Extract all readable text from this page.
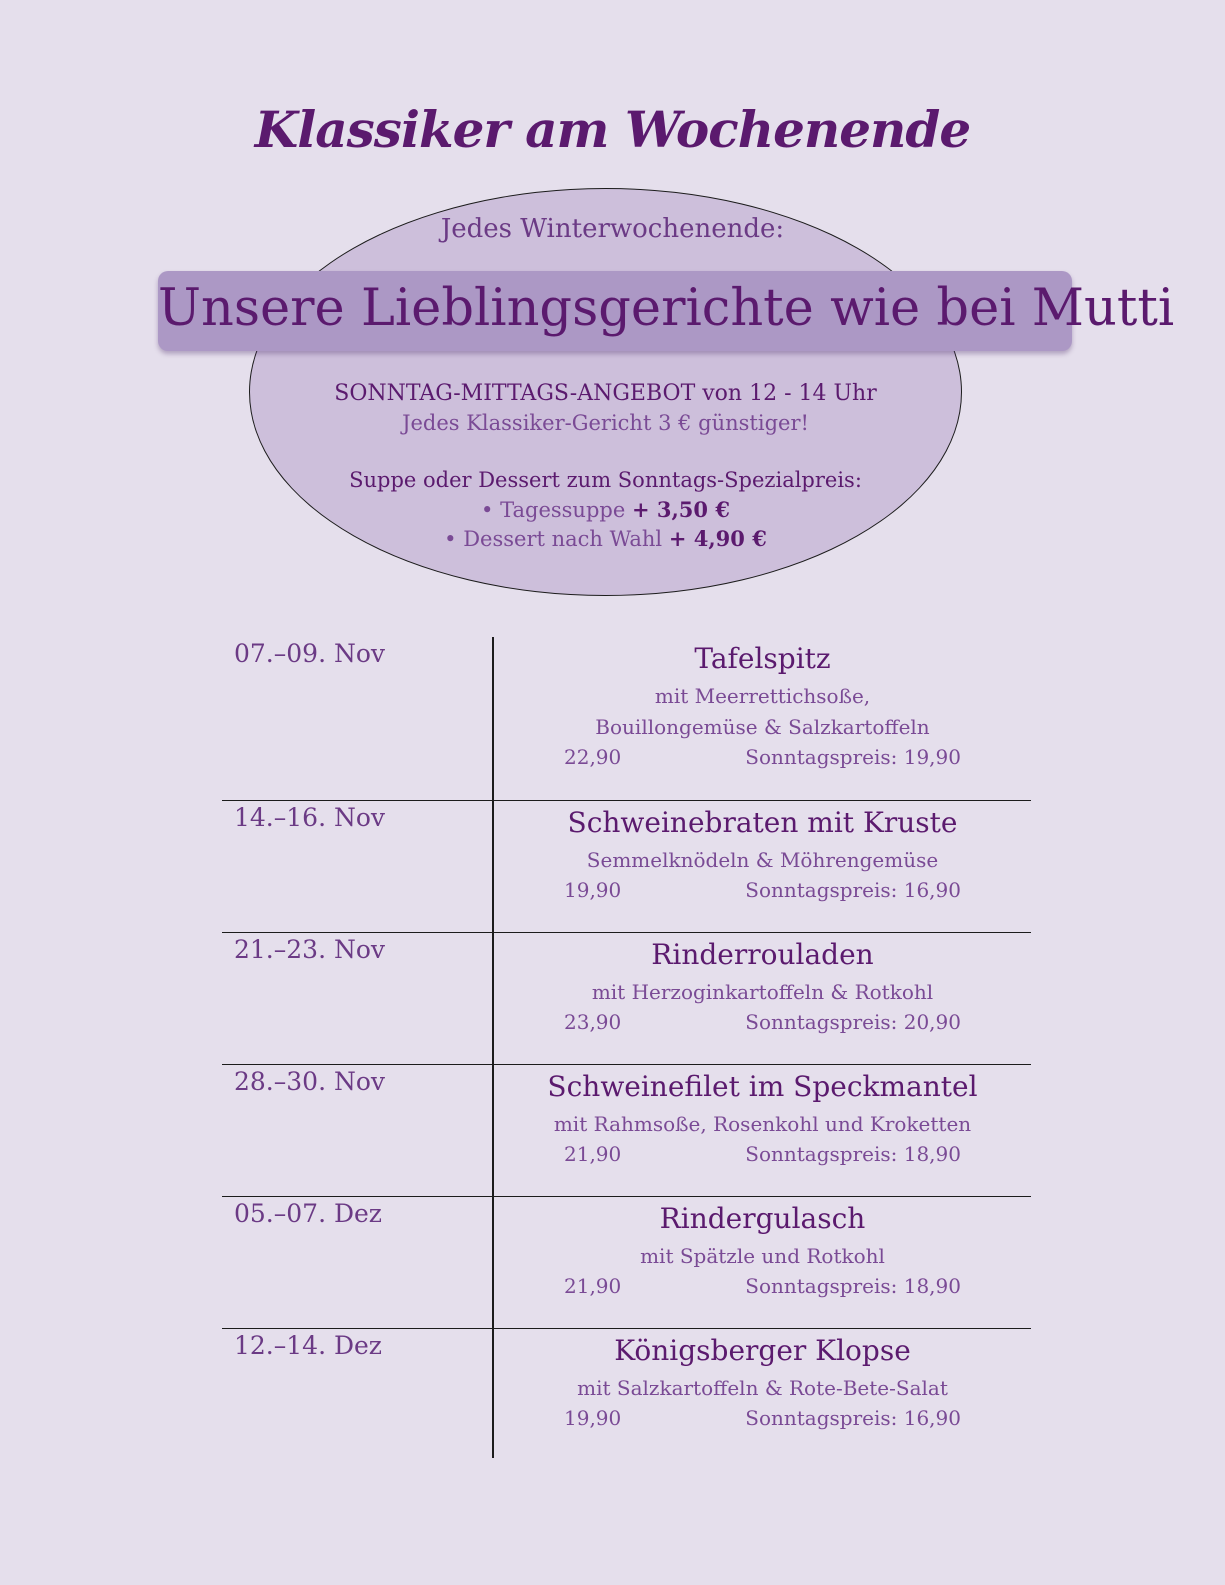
Klassiker am Wochenende
Jedes Winterwochenende:
Unsere Lieblingsgerichte wie bei Mutti
SONNTAG-MITTAGS-ANGEBOT von 12 - 14 Uhr
Jedes Klassiker-Gericht 3 € günstiger!
Suppe oder Dessert zum Sonntags-Spezialpreis:
• Tagessuppe + 3,50 €
• Dessert nach Wahl + 4,90 €
07.–09. Nov	Tafelspitz
mit Meerrettichsoße,
Bouillongemüse & Salzkartoffeln
22,90	Sonntagspreis: 19,90
14.–16. Nov	Schweinebraten mit Kruste
Semmelknödeln & Möhrengemüse
19,90	Sonntagspreis: 16,90
21.–23. Nov	Rinderrouladen
mit Herzoginkartoffeln & Rotkohl
23,90	Sonntagspreis: 20,90
28.–30. Nov	Schweinefilet im Speckmantel
mit Rahmsoße, Rosenkohl und Kroketten
21,90	Sonntagspreis: 18,90
05.–07. Dez	Rindergulasch
mit Spätzle und Rotkohl
21,90	Sonntagspreis: 18,90
12.–14. Dez	Königsberger Klopse
mit Salzkartoffeln & Rote-Bete-Salat
19,90	Sonntagspreis: 16,90
